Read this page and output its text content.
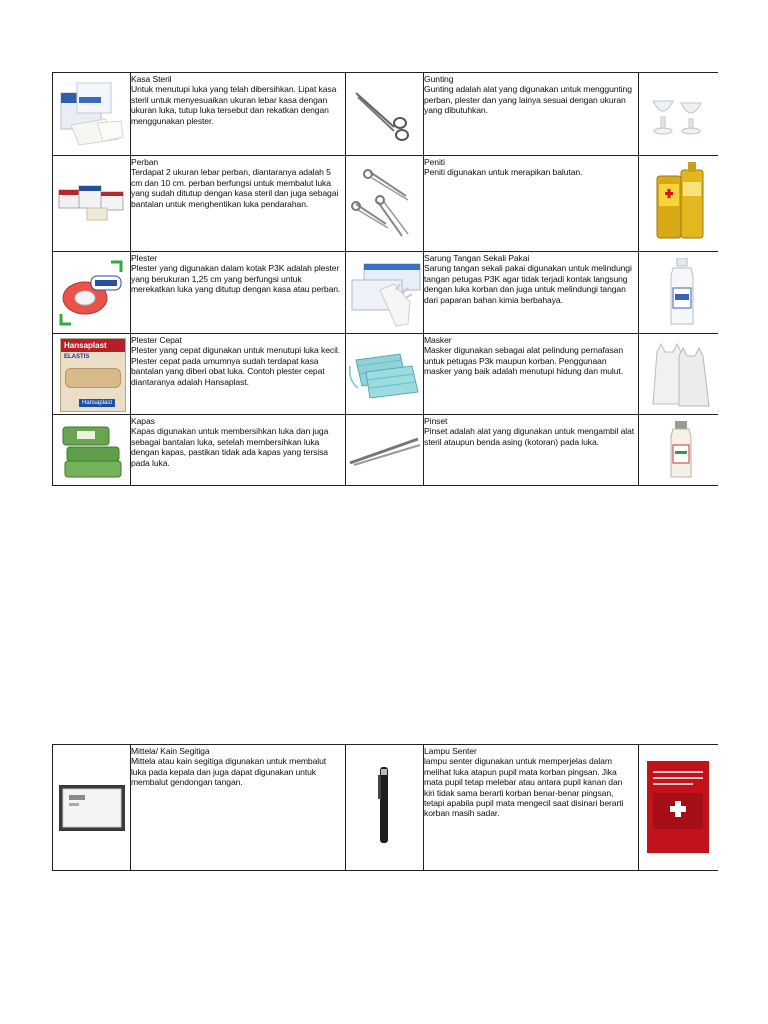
Kasa Steril

Untuk menutupi luka yang telah dibersihkan. Lipat kasa steril untuk menyesuaikan ukuran lebar kasa dengan ukuran luka, tutup luka tersebut dan rekatkan dengan menggunakan plester.

Gunting

Gunting adalah alat yang digunakan untuk menggunting perban, plester dan yang lainya sesuai dengan ukuran yang dibutuhkan.

Perban

Terdapat 2 ukuran lebar perban, diantaranya adalah 5 cm dan 10 cm. perban berfungsi untuk membalut luka yang sudah ditutup dengan kasa steril dan juga sebagai bantalan untuk menghentikan luka pendarahan.

Peniti

Peniti digunakan untuk merapikan balutan.

Plester

Plester yang digunakan dalam kotak P3K adalah plester yang berukuran 1,25 cm yang berfungsi untuk merekatkan luka yang ditutup dengan kasa atau perban.

Sarung Tangan Sekali Pakai

Sarung tangan sekali pakai digunakan untuk melindungi tangan petugas P3K agar tidak terjadi kontak langsung dengan luka korban dan juga untuk melindungi tangan dari paparan bahan kimia berbahaya.

Hansaplast
ELASTIS
Hansaplast

Plester Cepat

Plester yang cepat digunakan untuk menutupi luka kecil. Plester cepat pada umumnya sudah terdapat kasa bantalan yang diberi obat luka. Contoh plester cepat diantaranya adalah Hansaplast.

Masker

Masker digunakan sebagai alat pelindung pernafasan untuk petugas P3k maupun korban. Penggunaan masker yang baik adalah menutupi hidung dan mulut.

Kapas

Kapas digunakan untuk membersihkan luka dan juga sebagai bantalan luka, setelah membersihkan luka dengan kapas, pastikan tidak ada kapas yang tersisa pada luka.

Pinset

Pinset adalah alat yang digunakan untuk mengambil alat steril ataupun benda asing (kotoran) pada luka.

Mittela/ Kain Segitiga

Mittela atau kain segitiga digunakan untuk membalut luka pada kepala dan juga dapat digunakan untuk membalut gendongan tangan.

Lampu Senter

lampu senter digunakan untuk memperjelas dalam melihat luka atapun pupil mata korban pingsan. Jika mata pupil tetap melebar atau antara pupil kanan dan kiri tidak sama berarti korban benar-benar pingsan, tetapi apabila pupil mata mengecil saat disinari berarti korban masih sadar.
